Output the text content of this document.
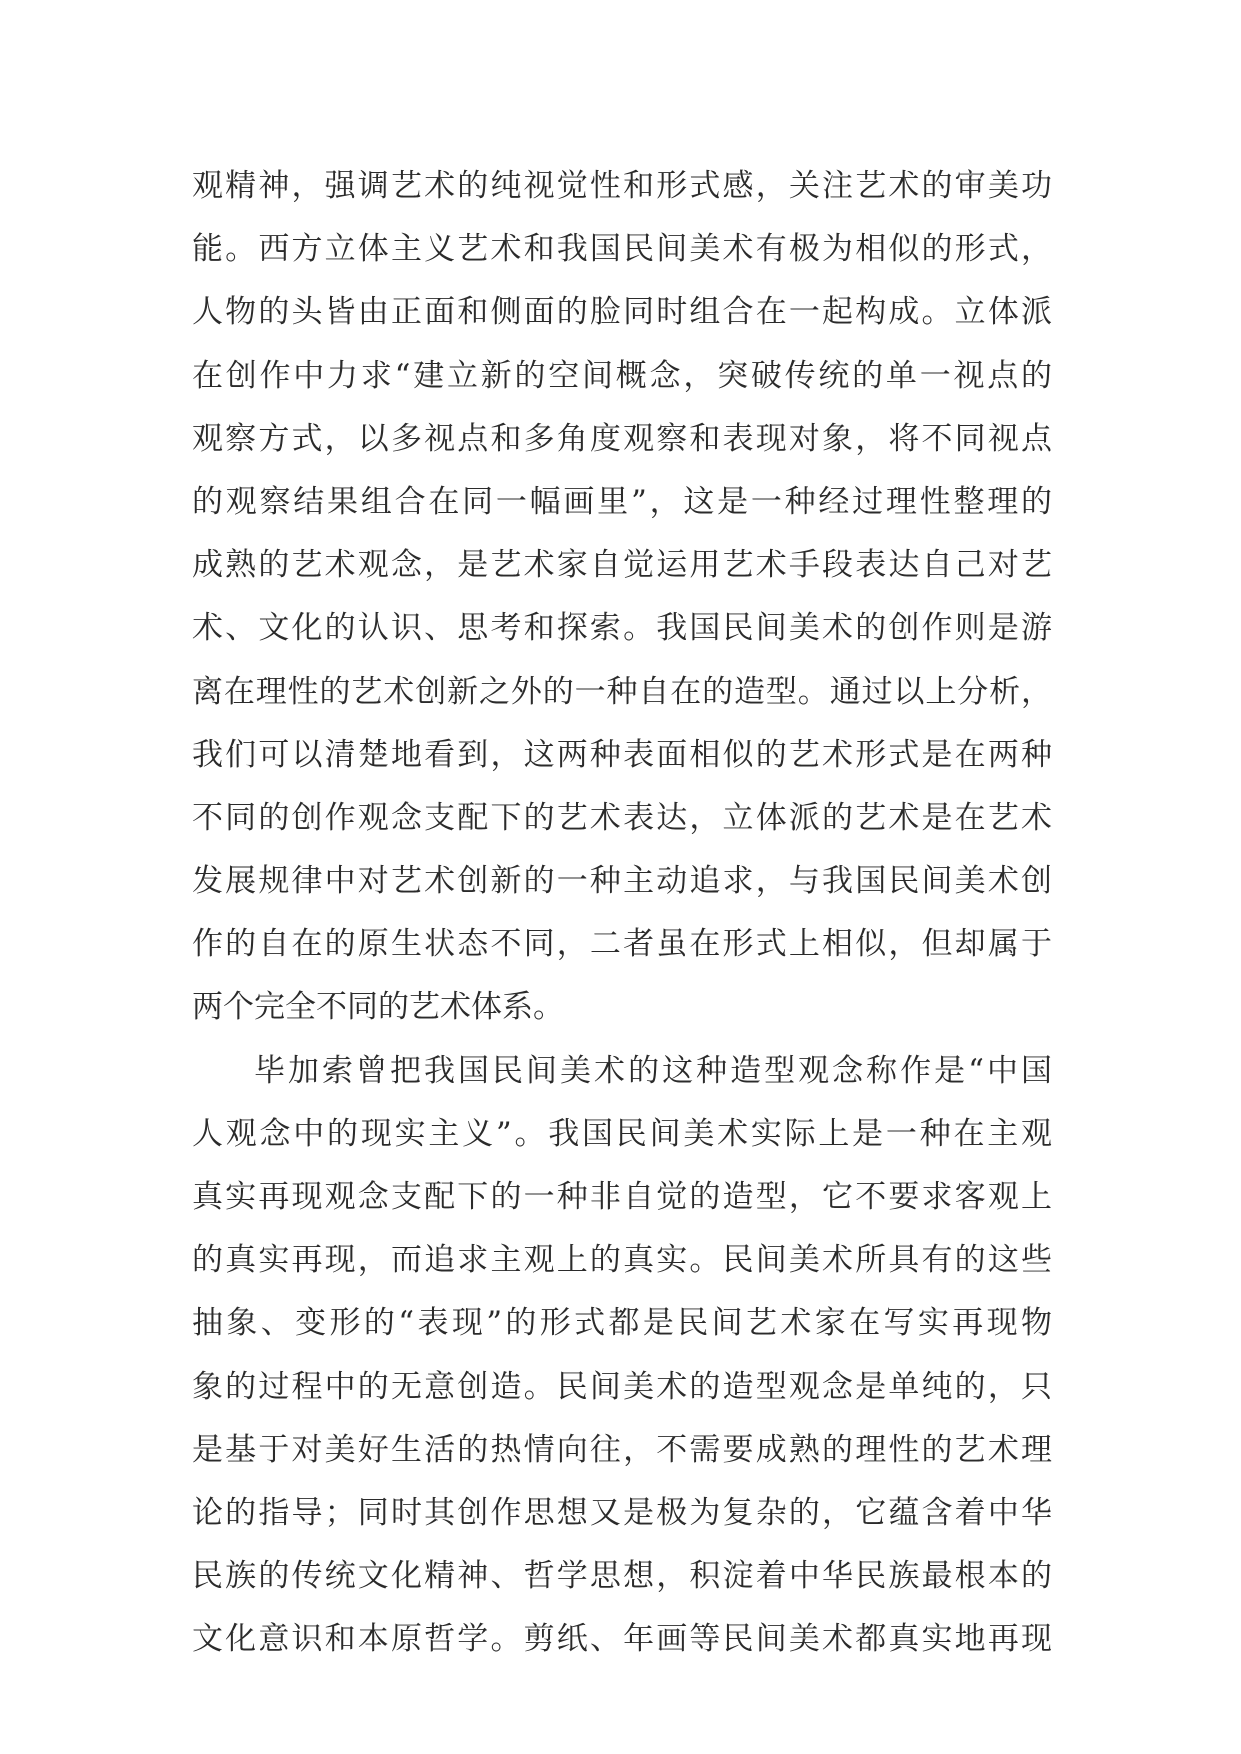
观精神，强调艺术的纯视觉性和形式感，关注艺术的审美功
能。西方立体主义艺术和我国民间美术有极为相似的形式，
人物的头皆由正面和侧面的脸同时组合在一起构成。立体派
在创作中力求“建立新的空间概念，突破传统的单一视点的
观察方式，以多视点和多角度观察和表现对象，将不同视点
的观察结果组合在同一幅画里”，这是一种经过理性整理的
成熟的艺术观念，是艺术家自觉运用艺术手段表达自己对艺
术、文化的认识、思考和探索。我国民间美术的创作则是游
离在理性的艺术创新之外的一种自在的造型。通过以上分析，
我们可以清楚地看到，这两种表面相似的艺术形式是在两种
不同的创作观念支配下的艺术表达，立体派的艺术是在艺术
发展规律中对艺术创新的一种主动追求，与我国民间美术创
作的自在的原生状态不同，二者虽在形式上相似，但却属于
两个完全不同的艺术体系。
毕加索曾把我国民间美术的这种造型观念称作是“中国
人观念中的现实主义”。我国民间美术实际上是一种在主观
真实再现观念支配下的一种非自觉的造型，它不要求客观上
的真实再现，而追求主观上的真实。民间美术所具有的这些
抽象、变形的“表现”的形式都是民间艺术家在写实再现物
象的过程中的无意创造。民间美术的造型观念是单纯的，只
是基于对美好生活的热情向往，不需要成熟的理性的艺术理
论的指导；同时其创作思想又是极为复杂的，它蕴含着中华
民族的传统文化精神、哲学思想，积淀着中华民族最根本的
文化意识和本原哲学。剪纸、年画等民间美术都真实地再现
